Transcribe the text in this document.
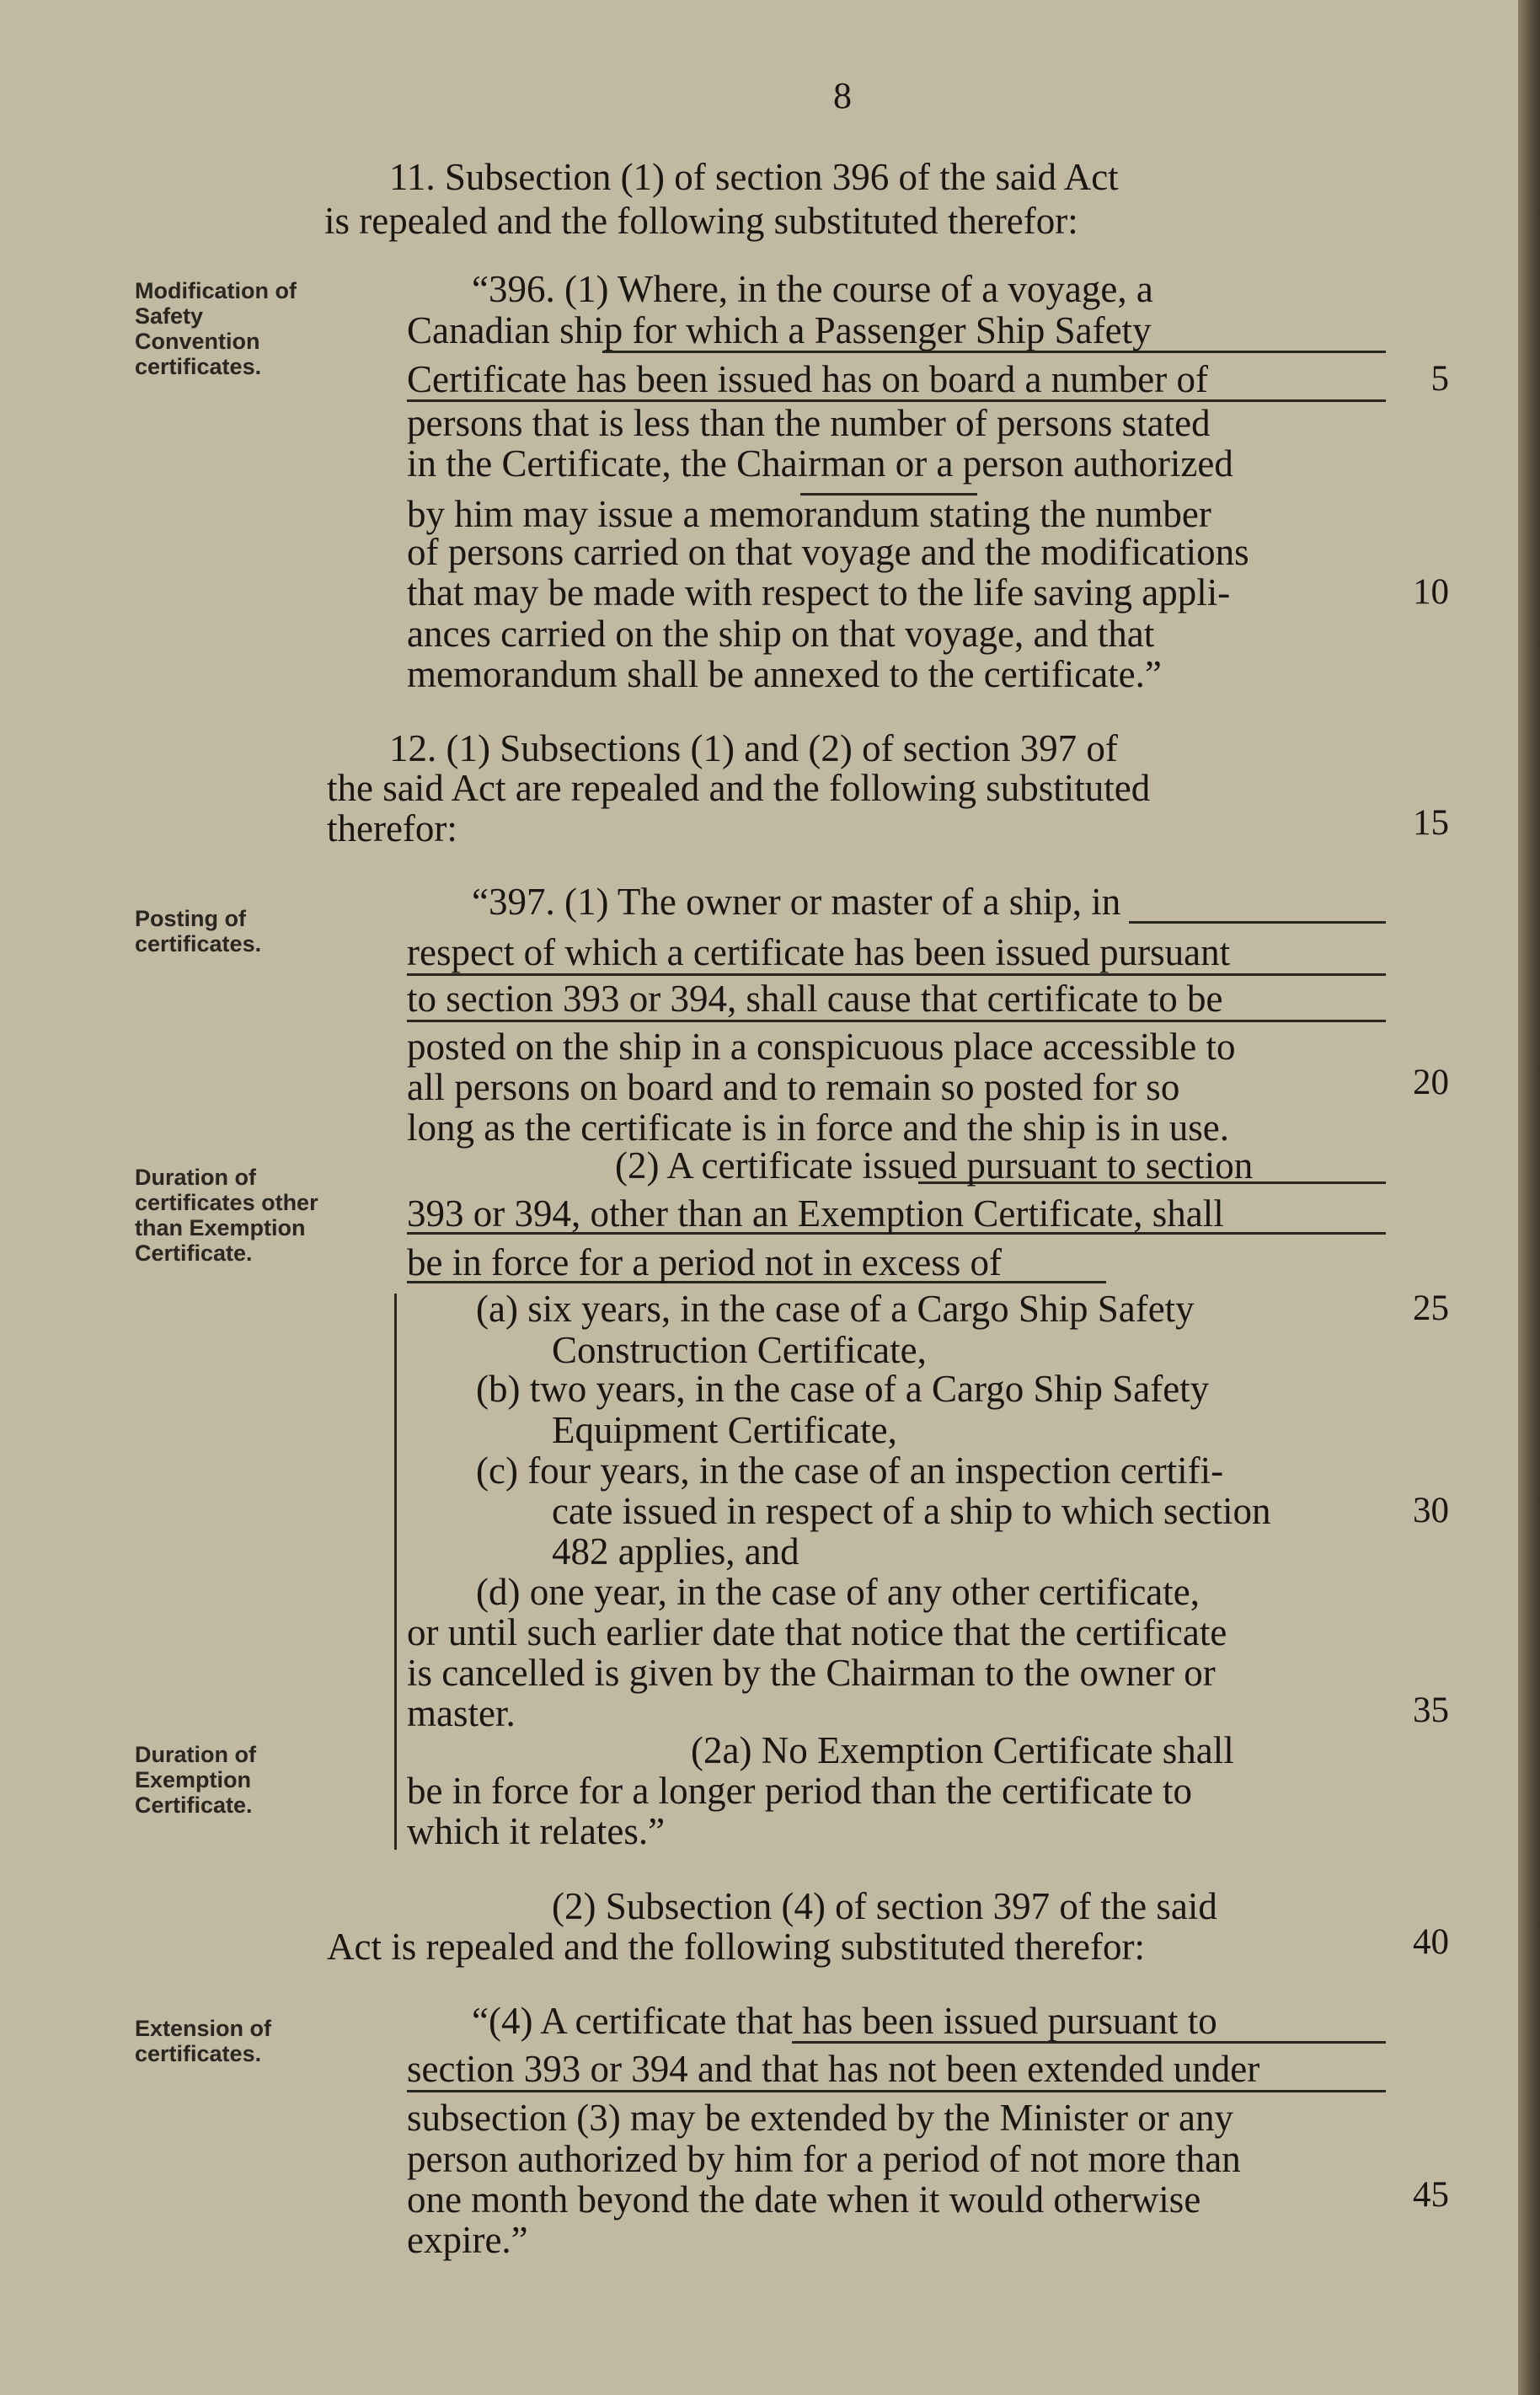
8
Modification of Safety Convention certificates.
Posting of certificates.
Duration of certificates other than Exemption Certificate.
Duration of Exemption Certificate.
Extension of certificates.
11. Subsection (1) of section 396 of the said Act
is repealed and the following substituted therefor:
“396. (1) Where, in the course of a voyage, a
Canadian ship for which a Passenger Ship Safety
Certificate has been issued has on board a number of
persons that is less than the number of persons stated
in the Certificate, the Chairman or a person authorized
by him may issue a memorandum stating the number
of persons carried on that voyage and the modifications
that may be made with respect to the life saving appli-
ances carried on the ship on that voyage, and that
memorandum shall be annexed to the certificate.”
12. (1) Subsections (1) and (2) of section 397 of
the said Act are repealed and the following substituted
therefor:
“397. (1) The owner or master of a ship, in
respect of which a certificate has been issued pursuant
to section 393 or 394, shall cause that certificate to be
posted on the ship in a conspicuous place accessible to
all persons on board and to remain so posted for so
long as the certificate is in force and the ship is in use.
(2) A certificate issued pursuant to section
393 or 394, other than an Exemption Certificate, shall
be in force for a period not in excess of
(a) six years, in the case of a Cargo Ship Safety
Construction Certificate,
(b) two years, in the case of a Cargo Ship Safety
Equipment Certificate,
(c) four years, in the case of an inspection certifi-
cate issued in respect of a ship to which section
482 applies, and
(d) one year, in the case of any other certificate,
or until such earlier date that notice that the certificate
is cancelled is given by the Chairman to the owner or
master.
(2a) No Exemption Certificate shall
be in force for a longer period than the certificate to
which it relates.”
(2) Subsection (4) of section 397 of the said
Act is repealed and the following substituted therefor:
“(4) A certificate that has been issued pursuant to
section 393 or 394 and that has not been extended under
subsection (3) may be extended by the Minister or any
person authorized by him for a period of not more than
one month beyond the date when it would otherwise
expire.”
5
10
15
20
25
30
35
40
45
